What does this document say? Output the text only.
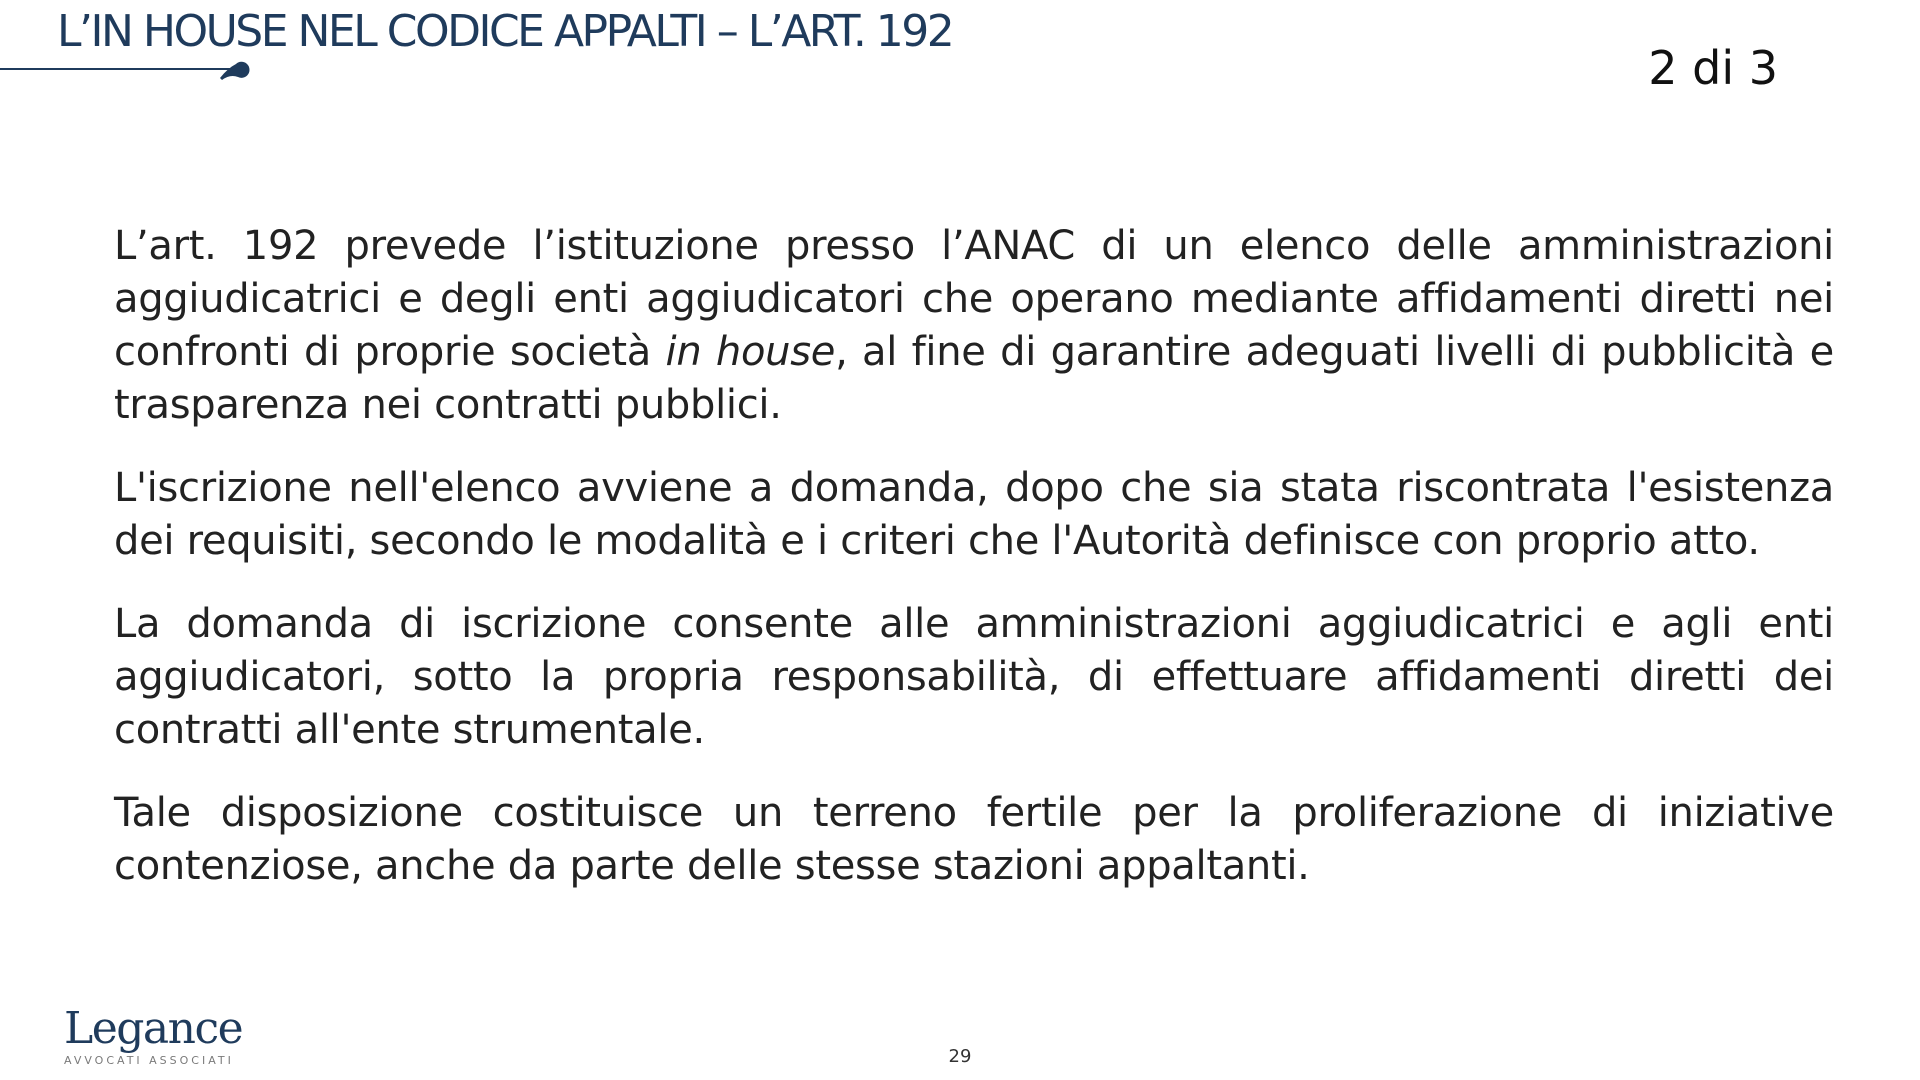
L’IN HOUSE NEL CODICE APPALTI – L’ART. 192
2 di 3

L’art. 192 prevede l’istituzione presso l’ANAC di un elenco delle amministrazioni aggiudicatrici e degli enti aggiudicatori che operano mediante affidamenti diretti nei confronti di proprie società in house, al fine di garantire adeguati livelli di pubblicità e trasparenza nei contratti pubblici.

L'iscrizione nell'elenco avviene a domanda, dopo che sia stata riscontrata l'esistenza dei requisiti, secondo le modalità e i criteri che l'Autorità definisce con proprio atto.

La domanda di iscrizione consente alle amministrazioni aggiudicatrici e agli enti aggiudicatori, sotto la propria responsabilità, di effettuare affidamenti diretti dei contratti all'ente strumentale.

Tale disposizione costituisce un terreno fertile per la proliferazione di iniziative contenziose, anche da parte delle stesse stazioni appaltanti.

Legance
AVVOCATI ASSOCIATI	29
